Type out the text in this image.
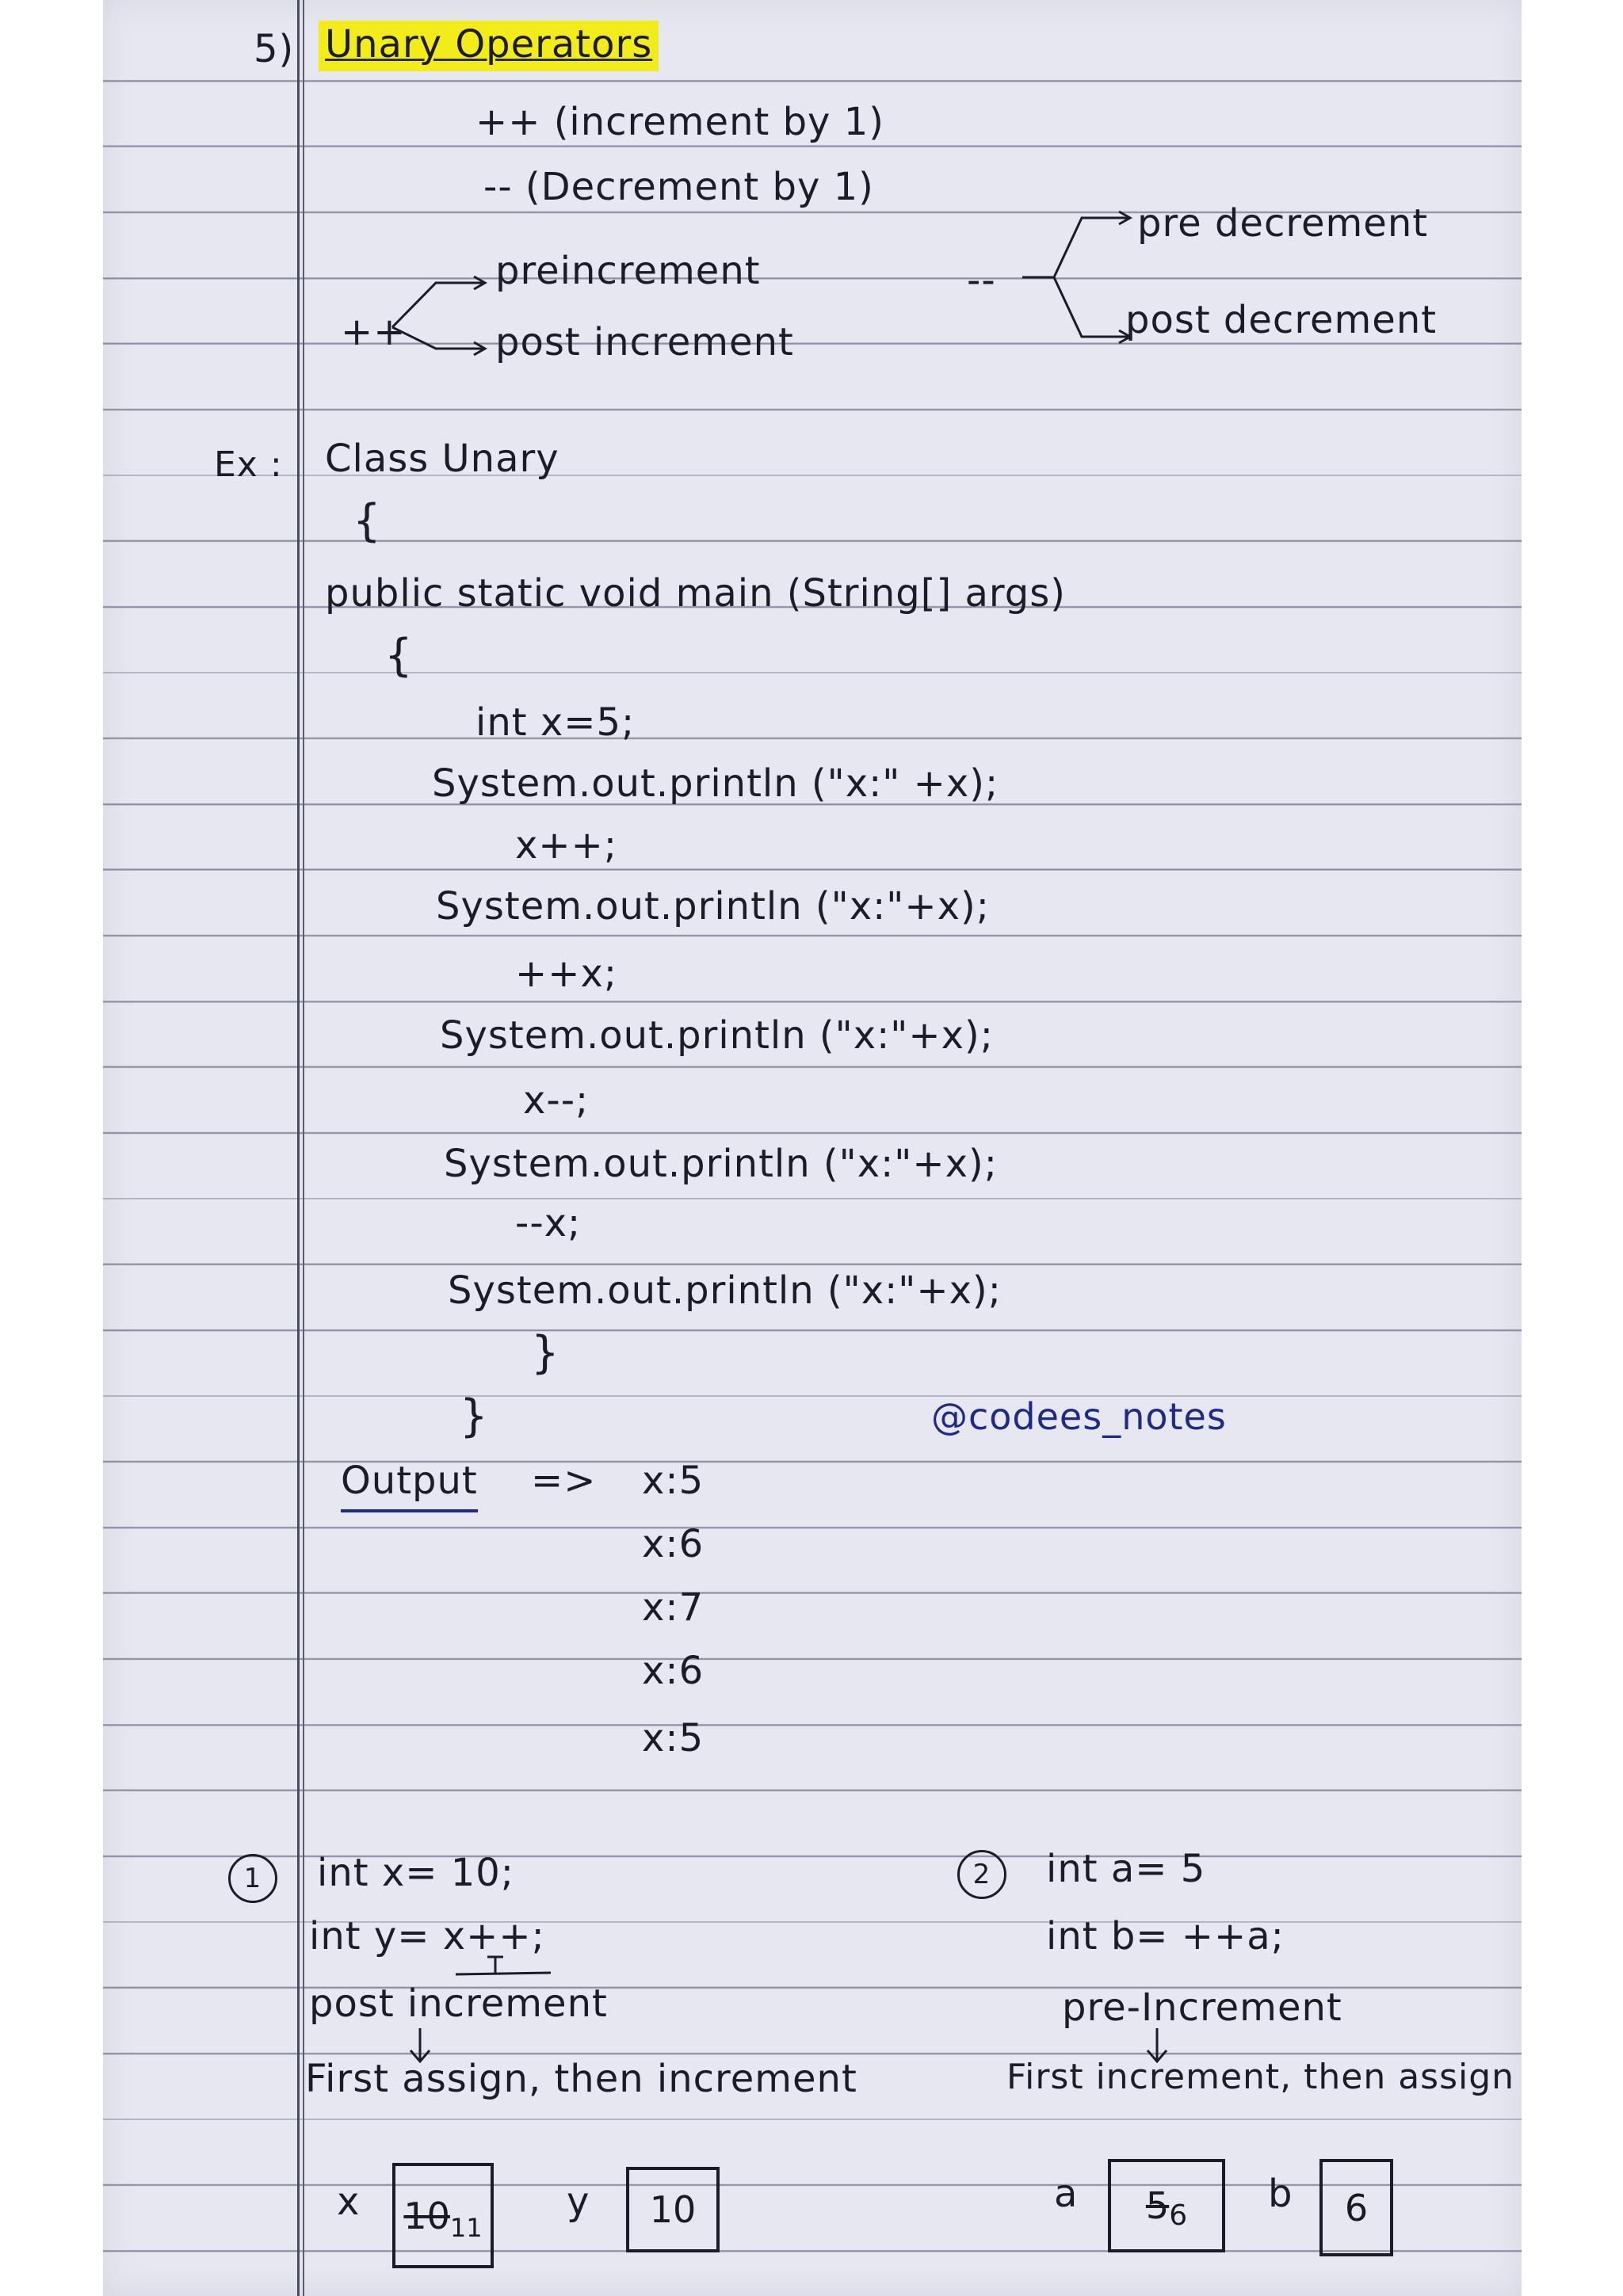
5) Unary Operators
++ (increment by 1)
-- (Decrement by 1)
++
preincrement
post increment
--
pre decrement
post decrement
Ex : Class Unary
{
public static void main (String[] args)
{
int x=5;
System.out.println ("x:" +x);
x++;
System.out.println ("x:"+x);
++x;
System.out.println ("x:"+x);
x--;
System.out.println ("x:"+x);
--x;
System.out.println ("x:"+x);
}
}	@codees_notes
Output => x:5
x:6
x:7
x:6
x:5
1	int x= 10;
int y= x++;
post increment
First assign, then increment
x 10 11
y 10
2	int a= 5
int b= ++a;
pre-Increment
First increment, then assign
a 5 6 b 6
